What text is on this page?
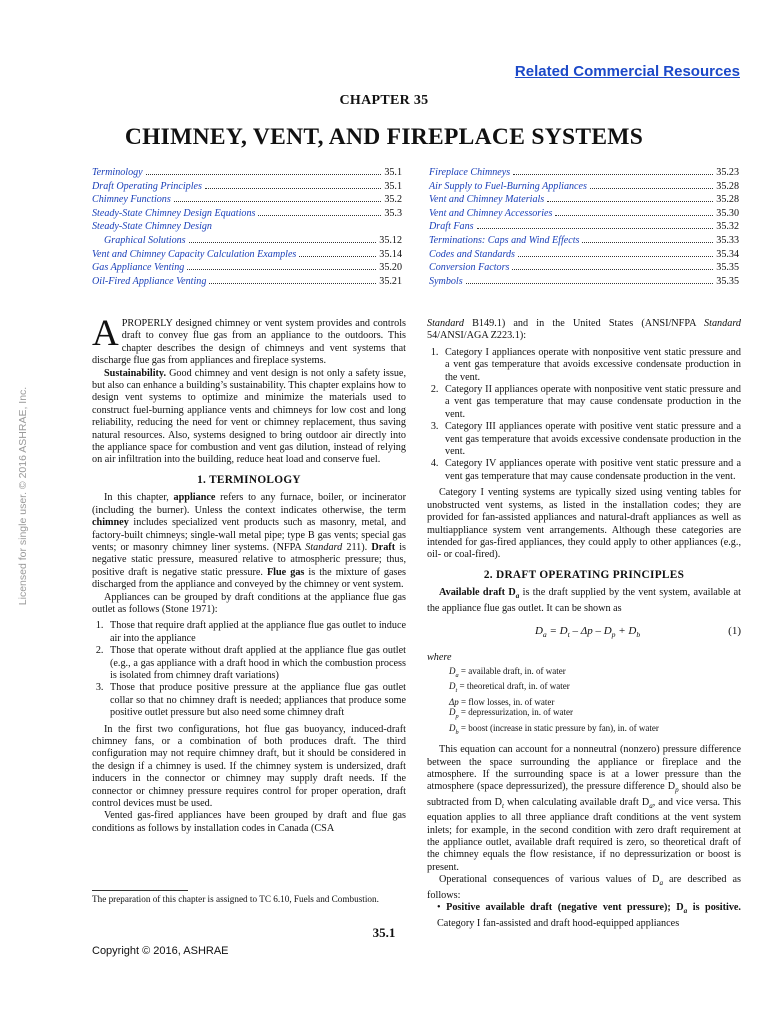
Related Commercial Resources
CHAPTER 35
CHIMNEY, VENT, AND FIREPLACE SYSTEMS
Terminology	35.1
Draft Operating Principles	35.1
Chimney Functions	35.2
Steady-State Chimney Design Equations	35.3
Steady-State Chimney Design
Graphical Solutions	35.12
Vent and Chimney Capacity Calculation Examples	35.14
Gas Appliance Venting	35.20
Oil-Fired Appliance Venting	35.21
Fireplace Chimneys	35.23
Air Supply to Fuel-Burning Appliances	35.28
Vent and Chimney Materials	35.28
Vent and Chimney Accessories	35.30
Draft Fans	35.32
Terminations: Caps and Wind Effects	35.33
Codes and Standards	35.34
Conversion Factors	35.35
Symbols	35.35
Licensed for single user. © 2016 ASHRAE, Inc.

APROPERLY designed chimney or vent system provides and controls draft to convey flue gas from an appliance to the outdoors. This chapter describes the design of chimneys and vent systems that discharge flue gas from appliances and fireplace systems.

Sustainability. Good chimney and vent design is not only a safety issue, but also can enhance a building’s sustainability. This chapter explains how to design vent systems to optimize and minimize the materials used to construct fuel-burning appliance vents and chimneys for low cost and long reliability, reducing the need for vent or chimney replacement, thus saving natural resources. Also, systems designed to bring outdoor air directly into the appliance space for combustion and vent gas dilution, instead of relying on air infiltration into the building, reduce heat load and conserve fuel.

1. TERMINOLOGY

In this chapter, appliance refers to any furnace, boiler, or incinerator (including the burner). Unless the context indicates otherwise, the term chimney includes specialized vent products such as masonry, metal, and factory-built chimneys; single-wall metal pipe; type B gas vents; special gas vents; or masonry chimney liner systems. (NFPA Standard 211). Draft is negative static pressure, measured relative to atmospheric pressure; thus, positive draft is negative static pressure. Flue gas is the mixture of gases discharged from the appliance and conveyed by the chimney or vent system.

Appliances can be grouped by draft conditions at the appliance flue gas outlet as follows (Stone 1971):

1. Those that require draft applied at the appliance flue gas outlet to induce air into the appliance
2. Those that operate without draft applied at the appliance flue gas outlet (e.g., a gas appliance with a draft hood in which the combustion process is isolated from chimney draft variations)
3. Those that produce positive pressure at the appliance flue gas outlet collar so that no chimney draft is needed; appliances that produce some positive outlet pressure but also need some chimney draft

In the first two configurations, hot flue gas buoyancy, induced-draft chimney fans, or a combination of both produces draft. The third configuration may not require chimney draft, but it should be considered in the design if a chimney is used. If the chimney system is undersized, draft inducers in the connector or chimney may supply draft needs. If the connector or chimney pressure requires control for proper operation, draft control devices must be used.

Vented gas-fired appliances have been grouped by draft and flue gas conditions as follows by installation codes in Canada (CSA

Standard B149.1) and in the United States (ANSI/NFPA Standard 54/ANSI/AGA Z223.1):

1. Category I appliances operate with nonpositive vent static pressure and a vent gas temperature that avoids excessive condensate production in the vent.
2. Category II appliances operate with nonpositive vent static pressure and a vent gas temperature that may cause condensate production in the vent.
3. Category III appliances operate with positive vent static pressure and a vent gas temperature that avoids excessive condensate production in the vent.
4. Category IV appliances operate with positive vent static pressure and a vent gas temperature that may cause condensate production in the vent.

Category I venting systems are typically sized using venting tables for unobstructed vent systems, as listed in the installation codes; they are provided for fan-assisted appliances and natural-draft appliances as well as multiappliance system vent arrangements. Although these categories are intended for gas-fired appliances, they could apply to other appliances (e.g., oil- or coal-fired).

2. DRAFT OPERATING PRINCIPLES

Available draft $D_a$ is the draft supplied by the vent system, available at the appliance flue gas outlet. It can be shown as

$D_a = D_t - \Delta p - D_p + D_b$	(1)
where
$D_a$ = available draft, in. of water
$D_t$ = theoretical draft, in. of water
Δp = flow losses, in. of water
$D_p$ = depressurization, in. of water
$D_b$ = boost (increase in static pressure by fan), in. of water

This equation can account for a nonneutral (nonzero) pressure difference between the space surrounding the appliance or fireplace and the atmosphere. If the surrounding space is at a lower pressure than the atmosphere (space depressurized), the pressure difference $D_p$ should also be subtracted from $D_t$ when calculating available draft $D_a$, and vice versa. This equation applies to all three appliance draft conditions at the vent system inlets; for example, in the second condition with zero draft requirement at the appliance outlet, available draft required is zero, so theoretical draft of the chimney equals the flow resistance, if no depressurization or boost is present.

Operational consequences of various values of $D_a$ are described as follows:

• Positive available draft (negative vent pressure); $D_a$ is positive. Category I fan-assisted and draft hood-equipped appliances

The preparation of this chapter is assigned to TC 6.10, Fuels and Combustion.
35.1
Copyright © 2016, ASHRAE
